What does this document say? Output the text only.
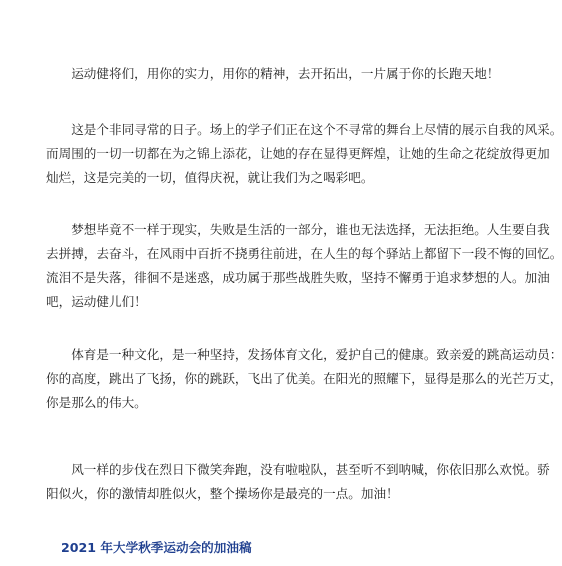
　　运动健将们，用你的实力，用你的精神，去开拓出，一片属于你的长跑天地！

　　这是个非同寻常的日子。场上的学子们正在这个不寻常的舞台上尽情的展示自我的风采。
而周围的一切一切都在为之锦上添花，让她的存在显得更辉煌，让她的生命之花绽放得更加
灿烂，这是完美的一切，值得庆祝，就让我们为之喝彩吧。

　　梦想毕竟不一样于现实，失败是生活的一部分，谁也无法选择，无法拒绝。人生要自我
去拼搏，去奋斗，在风雨中百折不挠勇往前进，在人生的每个驿站上都留下一段不悔的回忆。
流泪不是失落，徘徊不是迷惑，成功属于那些战胜失败，坚持不懈勇于追求梦想的人。加油
吧，运动健儿们！

　　体育是一种文化，是一种坚持，发扬体育文化，爱护自己的健康。致亲爱的跳高运动员：
你的高度，跳出了飞扬，你的跳跃，飞出了优美。在阳光的照耀下，显得是那么的光芒万丈，
你是那么的伟大。

　　风一样的步伐在烈日下微笑奔跑，没有啦啦队，甚至听不到呐喊，你依旧那么欢悦。骄
阳似火，你的激情却胜似火，整个操场你是最亮的一点。加油！

2021 年大学秋季运动会的加油稿
